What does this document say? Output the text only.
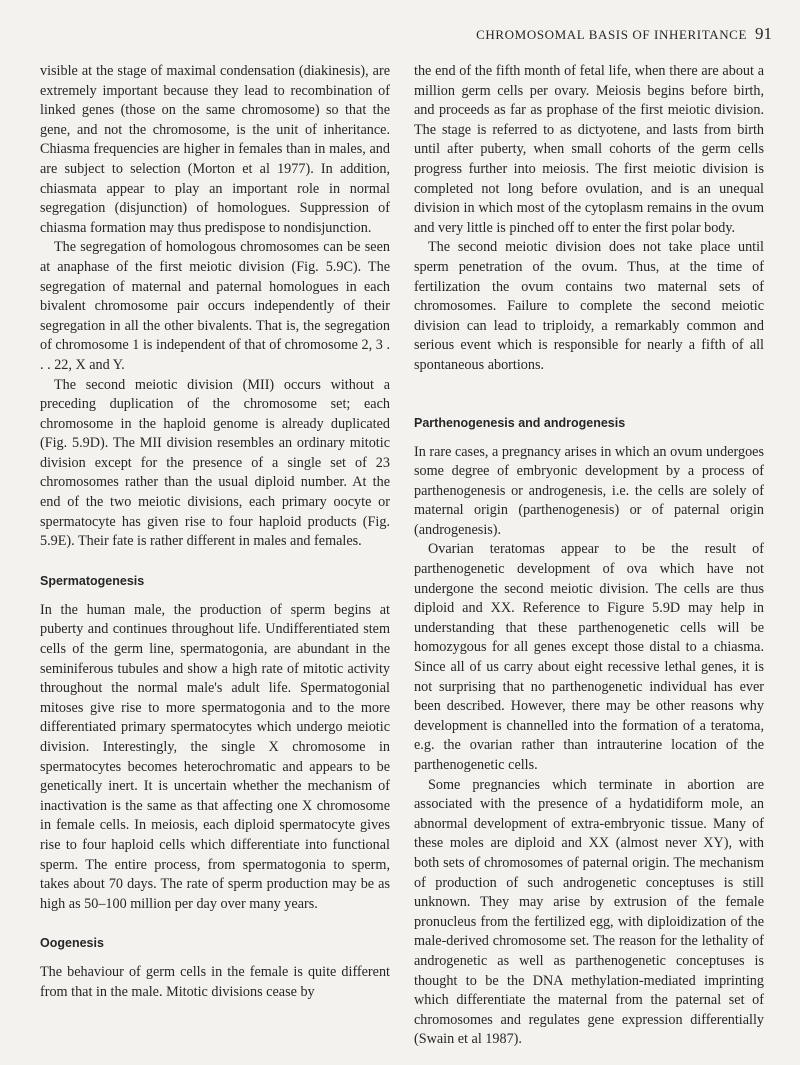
CHROMOSOMAL BASIS OF INHERITANCE 91

visible at the stage of maximal condensation (diakinesis), are extremely important because they lead to recombination of linked genes (those on the same chromosome) so that the gene, and not the chromosome, is the unit of inheritance. Chiasma frequencies are higher in females than in males, and are subject to selection (Morton et al 1977). In addition, chiasmata appear to play an important role in normal segregation (disjunction) of homologues. Suppression of chiasma formation may thus predispose to nondisjunction.

The segregation of homologous chromosomes can be seen at anaphase of the first meiotic division (Fig. 5.9C). The segregation of maternal and paternal homologues in each bivalent chromosome pair occurs independently of their segregation in all the other bivalents. That is, the segregation of chromosome 1 is independent of that of chromosome 2, 3 . . . 22, X and Y.

The second meiotic division (MII) occurs without a preceding duplication of the chromosome set; each chromosome in the haploid genome is already duplicated (Fig. 5.9D). The MII division resembles an ordinary mitotic division except for the presence of a single set of 23 chromosomes rather than the usual diploid number. At the end of the two meiotic divisions, each primary oocyte or spermatocyte has given rise to four haploid products (Fig. 5.9E). Their fate is rather different in males and females.

Spermatogenesis

In the human male, the production of sperm begins at puberty and continues throughout life. Undifferentiated stem cells of the germ line, spermatogonia, are abundant in the seminiferous tubules and show a high rate of mitotic activity throughout the normal male's adult life. Spermatogonial mitoses give rise to more spermatogonia and to the more differentiated primary spermatocytes which undergo meiotic division. Interestingly, the single X chromosome in spermatocytes becomes heterochromatic and appears to be genetically inert. It is uncertain whether the mechanism of inactivation is the same as that affecting one X chromosome in female cells. In meiosis, each diploid spermatocyte gives rise to four haploid cells which differentiate into functional sperm. The entire process, from spermatogonia to sperm, takes about 70 days. The rate of sperm production may be as high as 50–100 million per day over many years.

Oogenesis

The behaviour of germ cells in the female is quite different from that in the male. Mitotic divisions cease by

the end of the fifth month of fetal life, when there are about a million germ cells per ovary. Meiosis begins before birth, and proceeds as far as prophase of the first meiotic division. The stage is referred to as dictyotene, and lasts from birth until after puberty, when small cohorts of the germ cells progress further into meiosis. The first meiotic division is completed not long before ovulation, and is an unequal division in which most of the cytoplasm remains in the ovum and very little is pinched off to enter the first polar body.

The second meiotic division does not take place until sperm penetration of the ovum. Thus, at the time of fertilization the ovum contains two maternal sets of chromosomes. Failure to complete the second meiotic division can lead to triploidy, a remarkably common and serious event which is responsible for nearly a fifth of all spontaneous abortions.

Parthenogenesis and androgenesis

In rare cases, a pregnancy arises in which an ovum undergoes some degree of embryonic development by a process of parthenogenesis or androgenesis, i.e. the cells are solely of maternal origin (parthenogenesis) or of paternal origin (androgenesis).

Ovarian teratomas appear to be the result of parthenogenetic development of ova which have not undergone the second meiotic division. The cells are thus diploid and XX. Reference to Figure 5.9D may help in understanding that these parthenogenetic cells will be homozygous for all genes except those distal to a chiasma. Since all of us carry about eight recessive lethal genes, it is not surprising that no parthenogenetic individual has ever been described. However, there may be other reasons why development is channelled into the formation of a teratoma, e.g. the ovarian rather than intrauterine location of the parthenogenetic cells.

Some pregnancies which terminate in abortion are associated with the presence of a hydatidiform mole, an abnormal development of extra-embryonic tissue. Many of these moles are diploid and XX (almost never XY), with both sets of chromosomes of paternal origin. The mechanism of production of such androgenetic conceptuses is still unknown. They may arise by extrusion of the female pronucleus from the fertilized egg, with diploidization of the male-derived chromosome set. The reason for the lethality of androgenetic as well as parthenogenetic conceptuses is thought to be the DNA methylation-mediated imprinting which differentiate the maternal from the paternal set of chromosomes and regulates gene expression differentially (Swain et al 1987).
